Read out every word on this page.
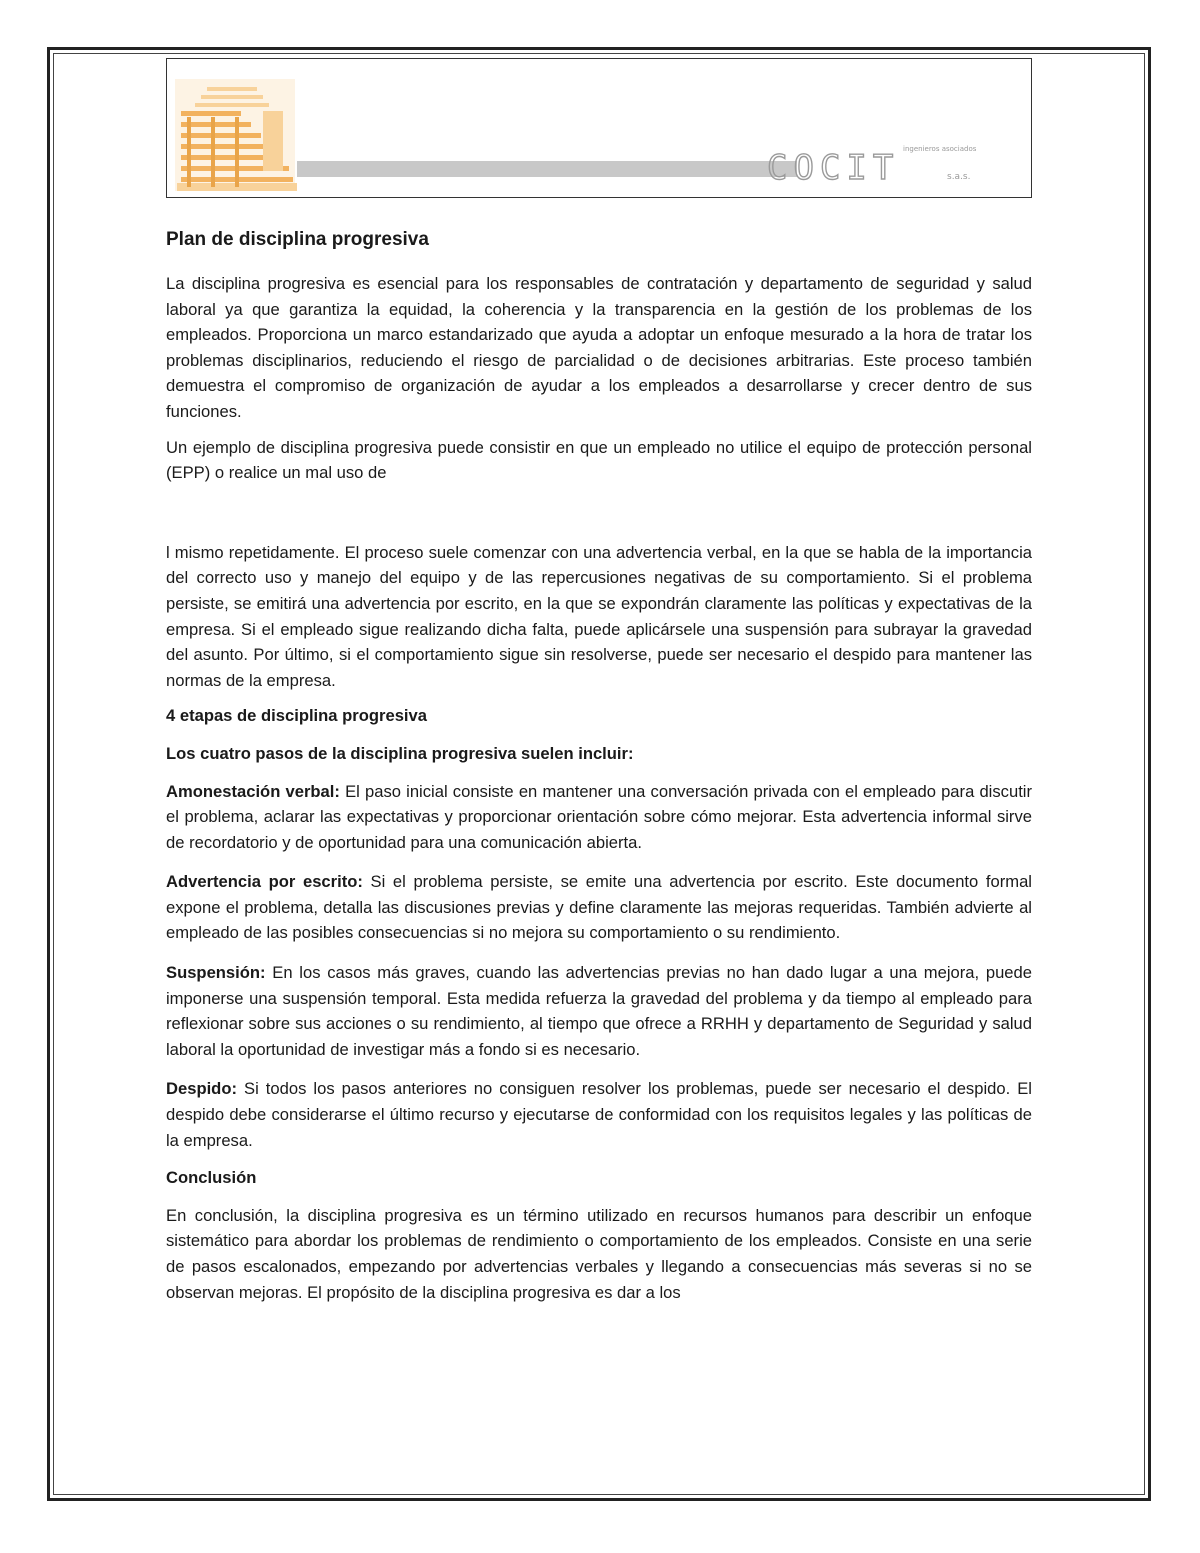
ingenieros asociados
COCIT	s.a.s.
Plan de disciplina progresiva

La disciplina progresiva es esencial para los responsables de contratación y departamento de seguridad y salud laboral ya que garantiza la equidad, la coherencia y la transparencia en la gestión de los problemas de los empleados. Proporciona un marco estandarizado que ayuda a adoptar un enfoque mesurado a la hora de tratar los problemas disciplinarios, reduciendo el riesgo de parcialidad o de decisiones arbitrarias. Este proceso también demuestra el compromiso de organización de ayudar a los empleados a desarrollarse y crecer dentro de sus funciones.

Un ejemplo de disciplina progresiva puede consistir en que un empleado no utilice el equipo de protección personal (EPP) o realice un mal uso de

l mismo repetidamente. El proceso suele comenzar con una advertencia verbal, en la que se habla de la importancia del correcto uso y manejo del equipo y de las repercusiones negativas de su comportamiento. Si el problema persiste, se emitirá una advertencia por escrito, en la que se expondrán claramente las políticas y expectativas de la empresa. Si el empleado sigue realizando dicha falta, puede aplicársele una suspensión para subrayar la gravedad del asunto. Por último, si el comportamiento sigue sin resolverse, puede ser necesario el despido para mantener las normas de la empresa.

4 etapas de disciplina progresiva

Los cuatro pasos de la disciplina progresiva suelen incluir:

Amonestación verbal: El paso inicial consiste en mantener una conversación privada con el empleado para discutir el problema, aclarar las expectativas y proporcionar orientación sobre cómo mejorar. Esta advertencia informal sirve de recordatorio y de oportunidad para una comunicación abierta.

Advertencia por escrito: Si el problema persiste, se emite una advertencia por escrito. Este documento formal expone el problema, detalla las discusiones previas y define claramente las mejoras requeridas. También advierte al empleado de las posibles consecuencias si no mejora su comportamiento o su rendimiento.

Suspensión: En los casos más graves, cuando las advertencias previas no han dado lugar a una mejora, puede imponerse una suspensión temporal. Esta medida refuerza la gravedad del problema y da tiempo al empleado para reflexionar sobre sus acciones o su rendimiento, al tiempo que ofrece a RRHH y departamento de Seguridad y salud laboral la oportunidad de investigar más a fondo si es necesario.

Despido: Si todos los pasos anteriores no consiguen resolver los problemas, puede ser necesario el despido. El despido debe considerarse el último recurso y ejecutarse de conformidad con los requisitos legales y las políticas de la empresa.

Conclusión

En conclusión, la disciplina progresiva es un término utilizado en recursos humanos para describir un enfoque sistemático para abordar los problemas de rendimiento o comportamiento de los empleados. Consiste en una serie de pasos escalonados, empezando por advertencias verbales y llegando a consecuencias más severas si no se observan mejoras. El propósito de la disciplina progresiva es dar a los
